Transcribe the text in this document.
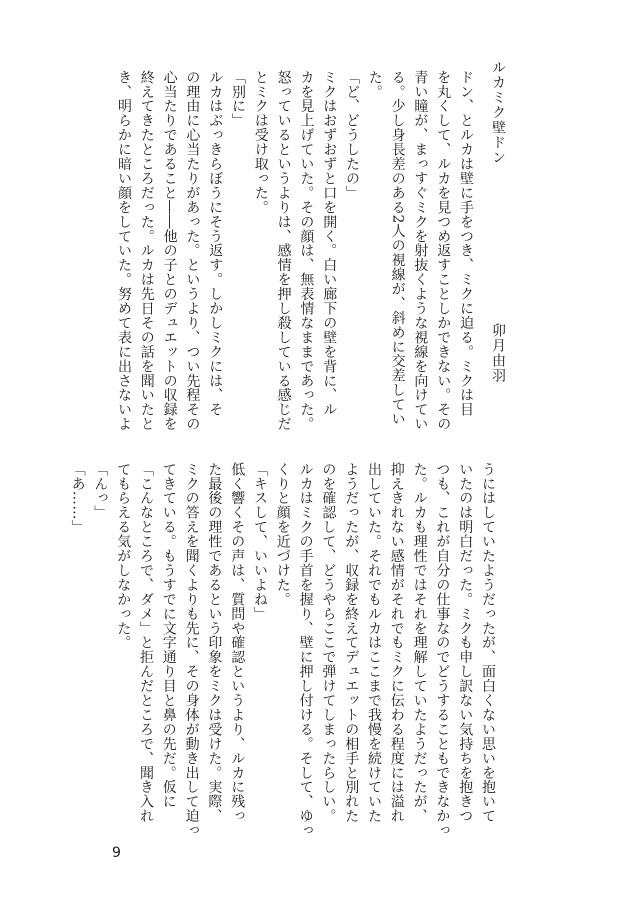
ルカミク壁ドン
卯月由羽
ドン、とルカは壁に手をつき、ミクに迫る。ミクは目
を丸くして、ルカを見つめ返すことしかできない。その
青い瞳が、まっすぐミクを射抜くような視線を向けてい
る。少し身長差のある2人の視線が、斜めに交差してい
た。
「ど、どうしたの」
ミクはおずおずと口を開く。白い廊下の壁を背に、ル
カを見上げていた。その顔は、無表情なままであった。
怒っているというよりは、感情を押し殺している感じだ
とミクは受け取った。
「別に」
ルカはぶっきらぼうにそう返す。しかしミクには、そ
の理由に心当たりがあった。というより、つい先程その
心当たりであること――他の子とのデュエットの収録を
終えてきたところだった。ルカは先日その話を聞いたと
き、明らかに暗い顔をしていた。努めて表に出さないよ
うにはしていたようだったが、面白くない思いを抱いて
いたのは明白だった。ミクも申し訳ない気持ちを抱きつ
つも、これが自分の仕事なのでどうすることもできなかっ
た。ルカも理性ではそれを理解していたようだったが、
抑えきれない感情がそれでもミクに伝わる程度には溢れ
出していた。それでもルカはここまで我慢を続けていた
ようだったが、収録を終えてデュエットの相手と別れた
のを確認して、どうやらここで弾けてしまったらしい。
ルカはミクの手首を握り、壁に押し付ける。そして、ゆっ
くりと顔を近づけた。
「キスして、いいよね」
低く響くその声は、質問や確認というより、ルカに残っ
た最後の理性であるという印象をミクは受けた。実際、
ミクの答えを聞くよりも先に、その身体が動き出して迫っ
てきている。もうすでに文字通り目と鼻の先だ。仮に
「こんなところで、ダメ」と拒んだところで、聞き入れ
てもらえる気がしなかった。
「んっ」
「あ……」
9
